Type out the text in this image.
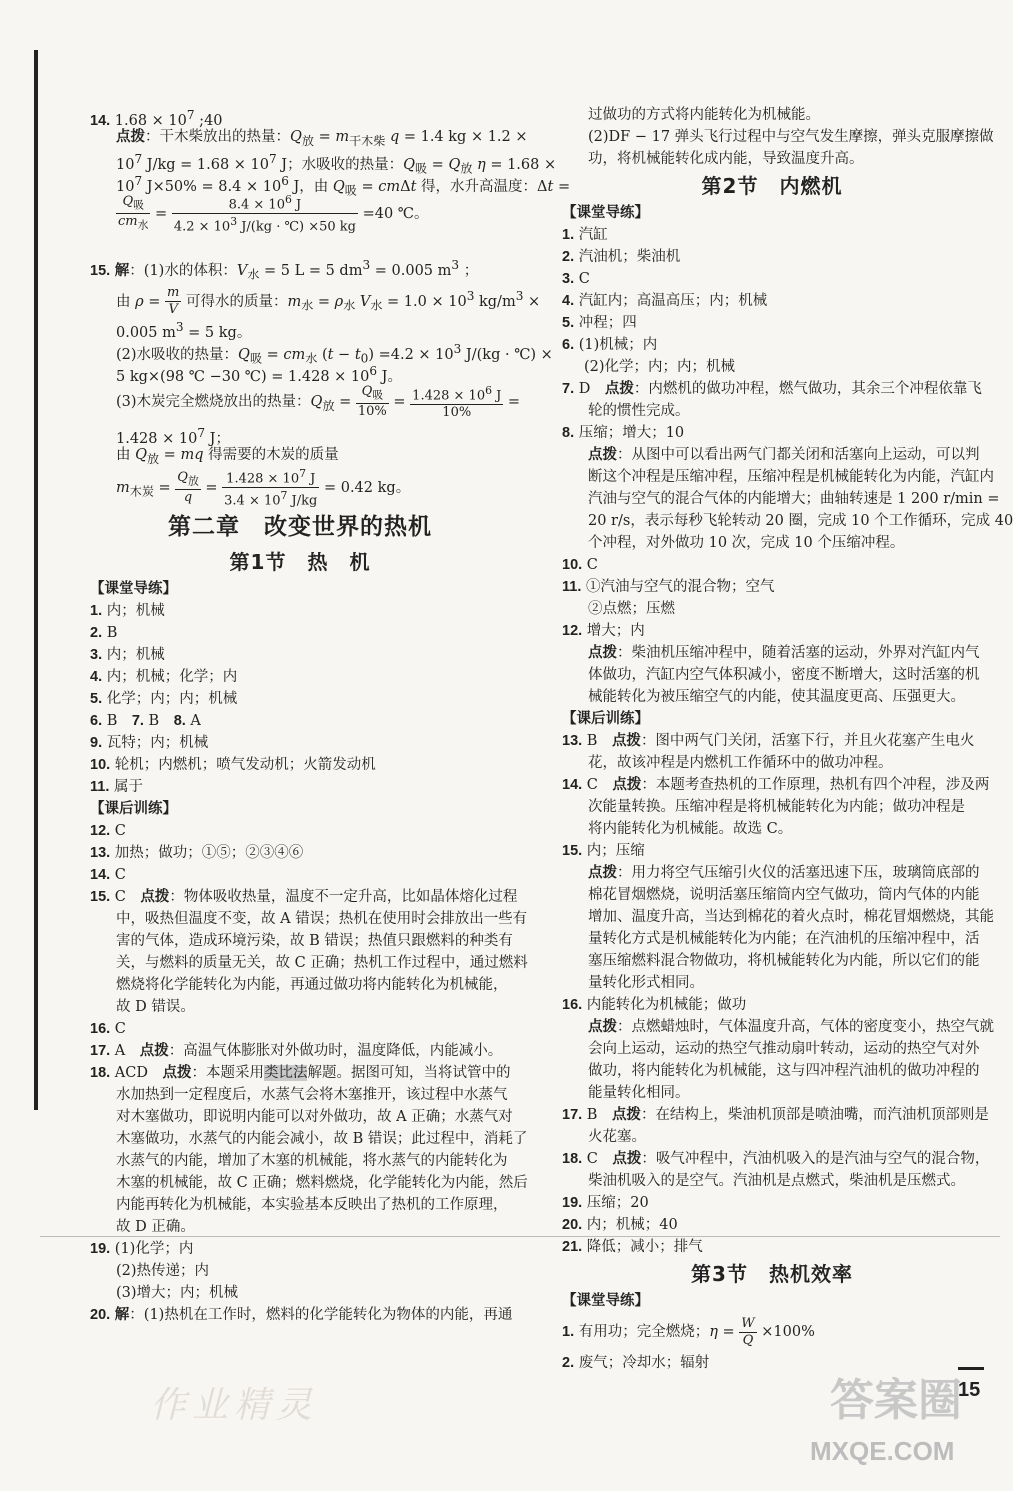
14. $1.68 \times 10^7$ ;40
点拨：干木柴放出的热量：$Q_放 = m_{干木柴}$ q = 1.4 kg × 1.2 ×
$10^7$ $J/kg = 1.68 \times 10^7$ J；水吸收的热量：$Q_吸 = Q_放$ η = 1.68 ×
$10^7$ $J\times 50\% = 8.4 \times 10^6$ J，由 $Q_吸 = cm\Delta t$ 得，水升高温度：Δt =
$\frac{Q_吸}{cm_水} = \frac{8.4 \times 10^6 J}{4.2 \times 10^3 J/(kg \cdot ℃) \times 50 kg} =40$ ℃。
15. 解：(1)水的体积：$V_水 = 5$ L = 5 $dm^3 = 0.005$ $m^3$ ；
由 $\rho = \frac{m}{V}$ 可得水的质量：$m_水 = \rho_水$ $V_水 = 1.0 \times 10^3$ $kg/m^3$ ×
0.005 $m^3 = 5$ kg。
(2)水吸收的热量：$Q_吸 = cm_水$ $(t - t_0) =4.2 \times 10^3$ J/(kg · ℃) ×
5 kg×(98 ℃ −30 ℃) = $1.428 \times 10^6$ J。
(3)木炭完全燃烧放出的热量：$Q_放 = \frac{Q_吸}{10\%} = \frac{1.428 \times 10^6 J}{10\%}$ =
$1.428 \times 10^7$ J；
由 $Q_放$ = mq 得需要的木炭的质量
$m_{木炭} = \frac{Q_放}{q} = \frac{1.428 \times 10^7 J}{3.4 \times 10^7 J/kg} = 0.42$ kg。
第二章　改变世界的热机
第1节　热　机
【课堂导练】
1. 内；机械
2. B
3. 内；机械
4. 内；机械；化学；内
5. 化学；内；内；机械
6. B　7. B　8. A
9. 瓦特；内；机械
10. 轮机；内燃机；喷气发动机；火箭发动机
11. 属于
【课后训练】
12. C
13. 加热；做功；①⑤；②③④⑥
14. C
15. C　点拨：物体吸收热量，温度不一定升高，比如晶体熔化过程
中，吸热但温度不变，故 A 错误；热机在使用时会排放出一些有
害的气体，造成环境污染，故 B 错误；热值只跟燃料的种类有
关，与燃料的质量无关，故 C 正确；热机工作过程中，通过燃料
燃烧将化学能转化为内能，再通过做功将内能转化为机械能，
故 D 错误。
16. C
17. A　点拨：高温气体膨胀对外做功时，温度降低，内能减小。
18. ACD　点拨：本题采用类比法解题。据图可知，当将试管中的
水加热到一定程度后，水蒸气会将木塞推开，该过程中水蒸气
对木塞做功，即说明内能可以对外做功，故 A 正确；水蒸气对
木塞做功，水蒸气的内能会减小，故 B 错误；此过程中，消耗了
水蒸气的内能，增加了木塞的机械能，将水蒸气的内能转化为
木塞的机械能，故 C 正确；燃料燃烧，化学能转化为内能，然后
内能再转化为机械能，本实验基本反映出了热机的工作原理，
故 D 正确。
19. (1)化学；内
(2)热传递；内
(3)增大；内；机械
20. 解：(1)热机在工作时，燃料的化学能转化为物体的内能，再通
过做功的方式将内能转化为机械能。
(2)DF − 17 弹头飞行过程中与空气发生摩擦，弹头克服摩擦做
功，将机械能转化成内能，导致温度升高。
第2节　内燃机
【课堂导练】
1. 汽缸
2. 汽油机；柴油机
3. C
4. 汽缸内；高温高压；内；机械
5. 冲程；四
6. (1)机械；内
(2)化学；内；内；机械
7. D　点拨：内燃机的做功冲程，燃气做功，其余三个冲程依靠飞
轮的惯性完成。
8. 压缩；增大；10
点拨：从图中可以看出两气门都关闭和活塞向上运动，可以判
断这个冲程是压缩冲程，压缩冲程是机械能转化为内能，汽缸内
汽油与空气的混合气体的内能增大；曲轴转速是 1 200 r/min =
20 r/s，表示每秒飞轮转动 20 圈，完成 10 个工作循环，完成 40
个冲程，对外做功 10 次，完成 10 个压缩冲程。
10. C
11. ①汽油与空气的混合物；空气
②点燃；压燃
12. 增大；内
点拨：柴油机压缩冲程中，随着活塞的运动，外界对汽缸内气
体做功，汽缸内空气体积减小，密度不断增大，这时活塞的机
械能转化为被压缩空气的内能，使其温度更高、压强更大。
【课后训练】
13. B　点拨：图中两气门关闭，活塞下行，并且火花塞产生电火
花，故该冲程是内燃机工作循环中的做功冲程。
14. C　点拨：本题考查热机的工作原理，热机有四个冲程，涉及两
次能量转换。压缩冲程是将机械能转化为内能；做功冲程是
将内能转化为机械能。故选 C。
15. 内；压缩
点拨：用力将空气压缩引火仪的活塞迅速下压，玻璃筒底部的
棉花冒烟燃烧，说明活塞压缩筒内空气做功，筒内气体的内能
增加、温度升高，当达到棉花的着火点时，棉花冒烟燃烧，其能
量转化方式是机械能转化为内能；在汽油机的压缩冲程中，活
塞压缩燃料混合物做功，将机械能转化为内能，所以它们的能
量转化形式相同。
16. 内能转化为机械能；做功
点拨：点燃蜡烛时，气体温度升高，气体的密度变小，热空气就
会向上运动，运动的热空气推动扇叶转动，运动的热空气对外
做功，将内能转化为机械能，这与四冲程汽油机的做功冲程的
能量转化相同。
17. B　点拨：在结构上，柴油机顶部是喷油嘴，而汽油机顶部则是
火花塞。
18. C　点拨：吸气冲程中，汽油机吸入的是汽油与空气的混合物，
柴油机吸入的是空气。汽油机是点燃式，柴油机是压燃式。
19. 压缩；20
20. 内；机械；40
21. 降低；减小；排气
第3节　热机效率
【课堂导练】
1. 有用功；完全燃烧；$\eta = \frac{W}{Q} \times 100\%$
2. 废气；冷却水；辐射
15
作业精灵	答案圈
MXQE.COM
